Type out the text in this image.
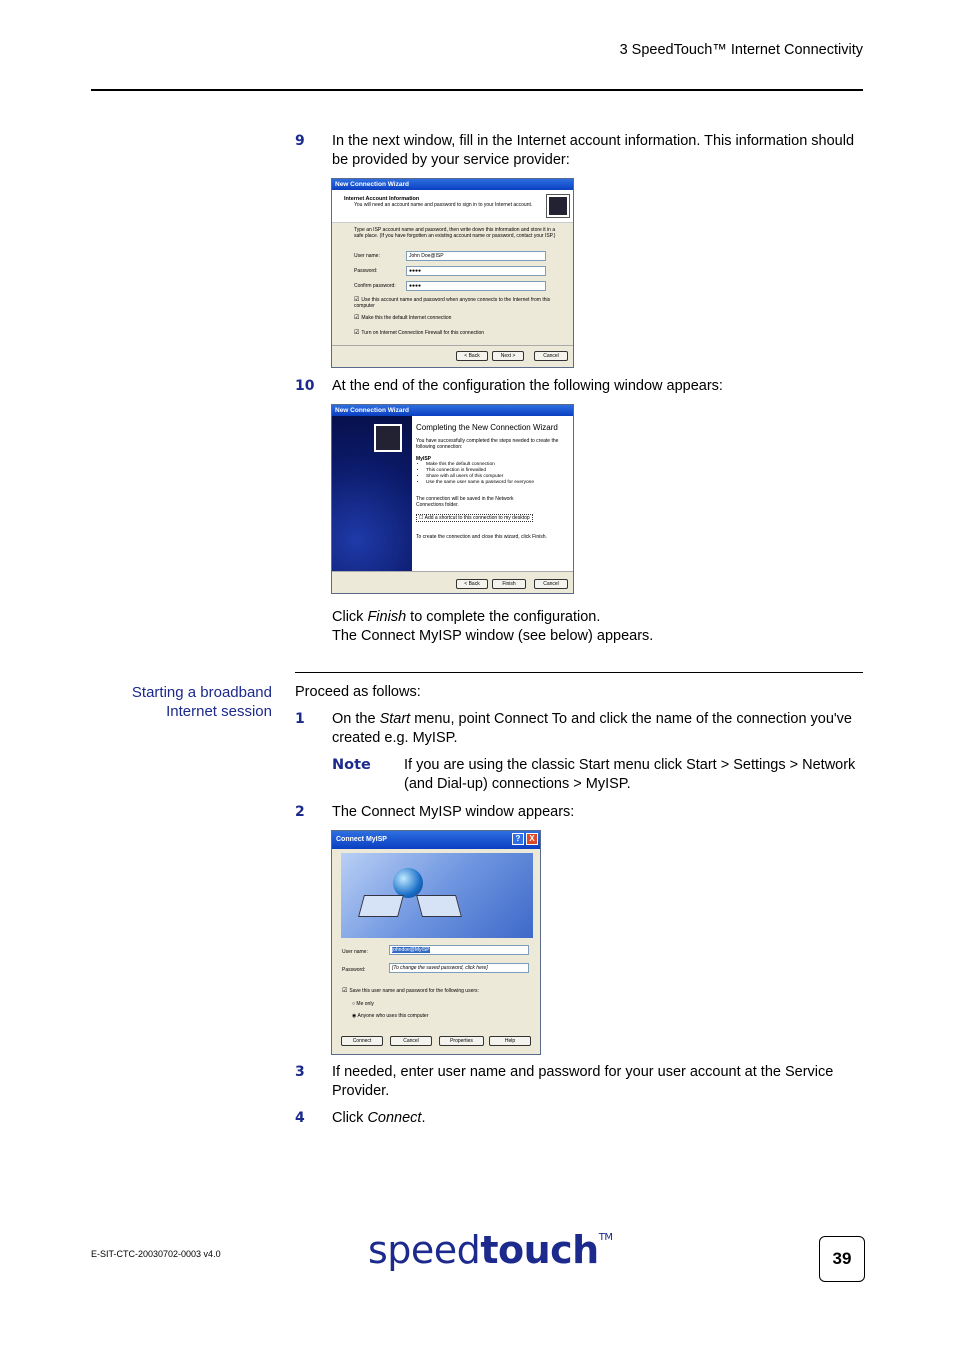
3 SpeedTouch™ Internet Connectivity
9 In the next window, fill in the Internet account information. This information should be provided by your service provider:
New Connection Wizard
Internet Account Information
You will need an account name and password to sign in to your Internet account.
Type an ISP account name and password, then write down this information and store it in a safe place. (If you have forgotten an existing account name or password, contact your ISP.)
User name:	John Doe@ISP
Password:	●●●●
Confirm password:	●●●●
☑ Use this account name and password when anyone connects to the Internet from this computer
☑ Make this the default Internet connection
☑ Turn on Internet Connection Firewall for this connection
< Back	Next >	Cancel
10 At the end of the configuration the following window appears:
New Connection Wizard
Completing the New Connection Wizard
You have successfully completed the steps needed to create the following connection:
MyISP
• Make this the default connection
• This connection is firewalled
• Share with all users of this computer
• Use the same user name & password for everyone
The connection will be saved in the Network Connections folder.
☐ Add a shortcut to this connection to my desktop
To create the connection and close this wizard, click Finish.
< Back	Finish	Cancel
Click Finish to complete the configuration.
The Connect MyISP window (see below) appears.
Starting a broadband Internet session
Proceed as follows:
1 On the Start menu, point Connect To and click the name of the connection you've created e.g. MyISP.
Note If you are using the classic Start menu click Start > Settings > Network (and Dial-up) connections > MyISP.
2 The Connect MyISP window appears:
Connect MyISP	?	X
User name:	johndoe@MyISP
Password:	[To change the saved password, click here]
☑ Save this user name and password for the following users:
○ Me only
◉ Anyone who uses this computer
Connect	Cancel	Properties	Help
3 If needed, enter user name and password for your user account at the Service Provider.
4 Click Connect.
E-SIT-CTC-20030702-0003 v4.0	speedtouch™
39
